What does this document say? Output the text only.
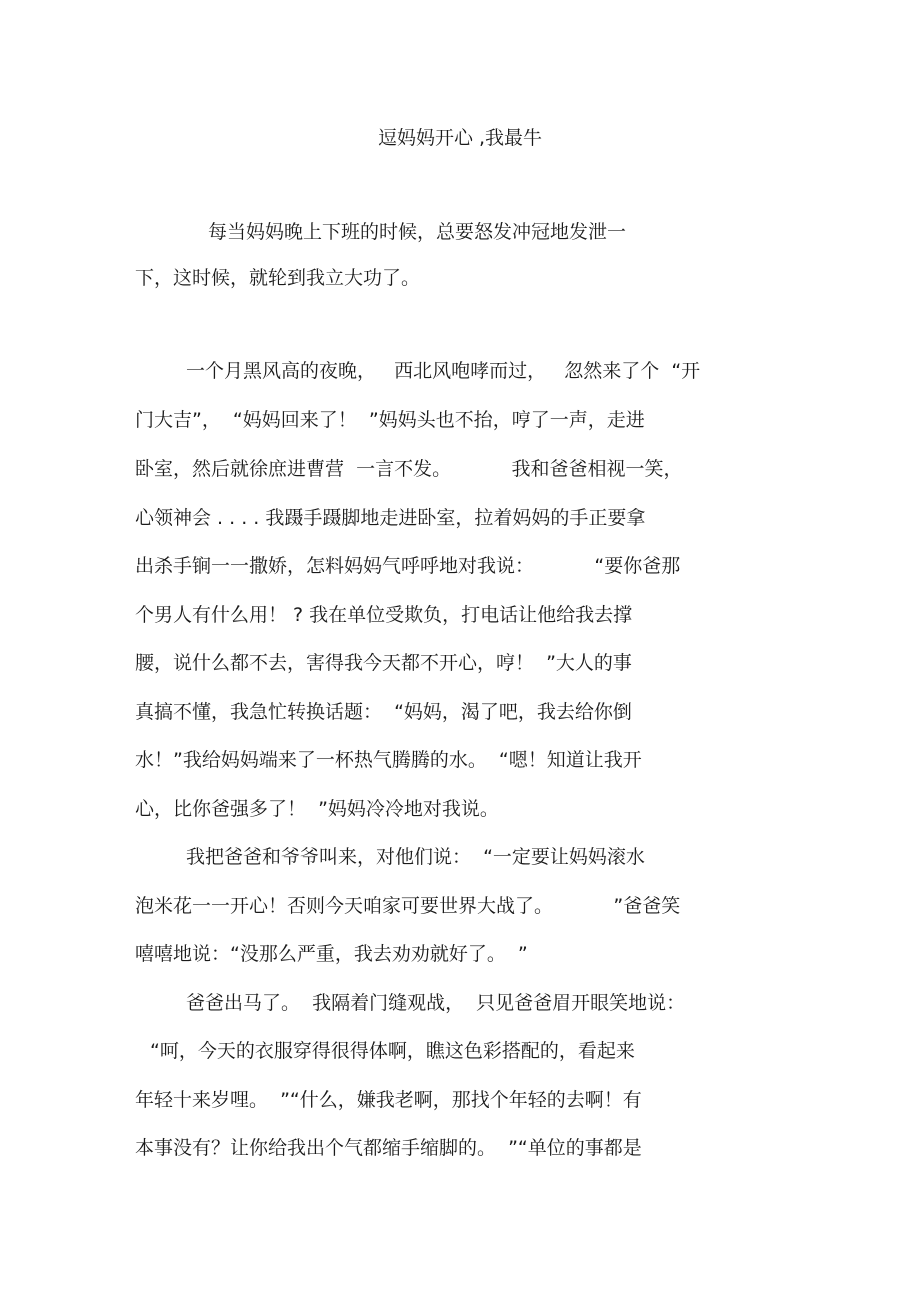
逗妈妈开心 ,我最牛

每当妈妈晚上下班的时候，总要怒发冲冠地发泄一

下，这时候，就轮到我立大功了。

一个月黑风高的夜晚，   西北风咆哮而过，   忽然来了个  “开

门大吉”，  “妈妈回来了！  ”妈妈头也不抬，哼了一声，走进

卧室，然后就徐庶进曹营  一言不发。          我和爸爸相视一笑，

心领神会 . . . . 我蹑手蹑脚地走进卧室，拉着妈妈的手正要拿

出杀手锏一一撒娇，怎料妈妈气呼呼地对我说：          “要你爸那

个男人有什么用！ ? 我在单位受欺负，打电话让他给我去撑

腰，说什么都不去，害得我今天都不开心，哼！  ”大人的事

真搞不懂，我急忙转换话题：  “妈妈，渴了吧，我去给你倒

水！”我给妈妈端来了一杯热气腾腾的水。  “嗯！知道让我开

心，比你爸强多了！  ”妈妈冷冷地对我说。

我把爸爸和爷爷叫来，对他们说：  “一定要让妈妈滚水

泡米花一一开心！否则今天咱家可要世界大战了。          ”爸爸笑

嘻嘻地说：“没那么严重，我去劝劝就好了。  ”

爸爸出马了。  我隔着门缝观战，  只见爸爸眉开眼笑地说：

“呵，今天的衣服穿得很得体啊，瞧这色彩搭配的，看起来

年轻十来岁哩。  ”“什么，嫌我老啊，那找个年轻的去啊！有

本事没有？让你给我出个气都缩手缩脚的。  ”“单位的事都是
